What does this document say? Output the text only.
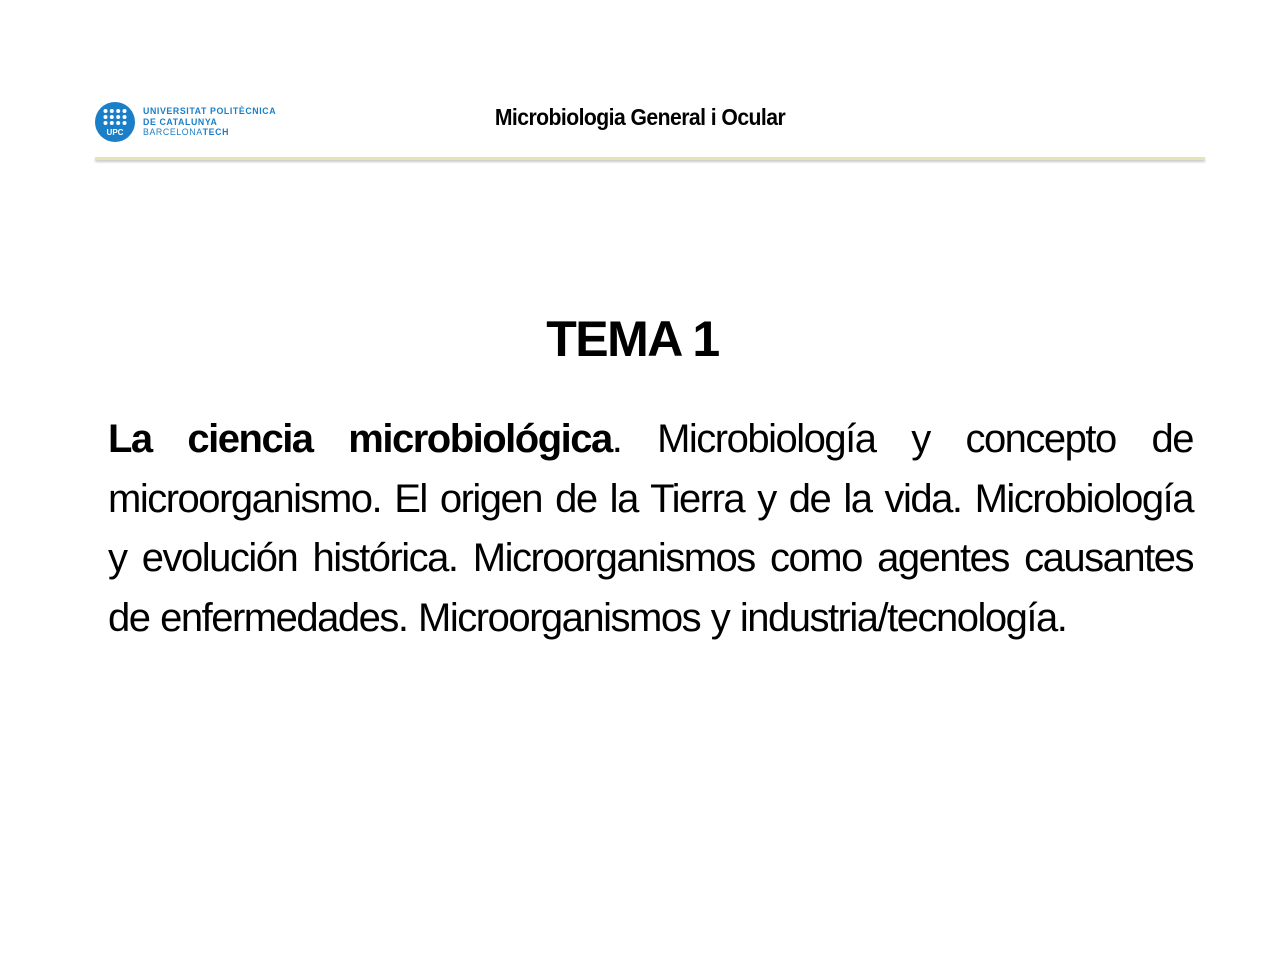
UPC
UNIVERSITAT POLITÈCNICA
DE CATALUNYA
BARCELONATECH
Microbiologia General i Ocular
TEMA 1

La ciencia microbiológica. Microbiología y concepto de microorganismo. El origen de la Tierra y de la vida. Microbiología y evolución histórica. Microorganismos como agentes causantes de enfermedades. Microorganismos y industria/tecnología.
